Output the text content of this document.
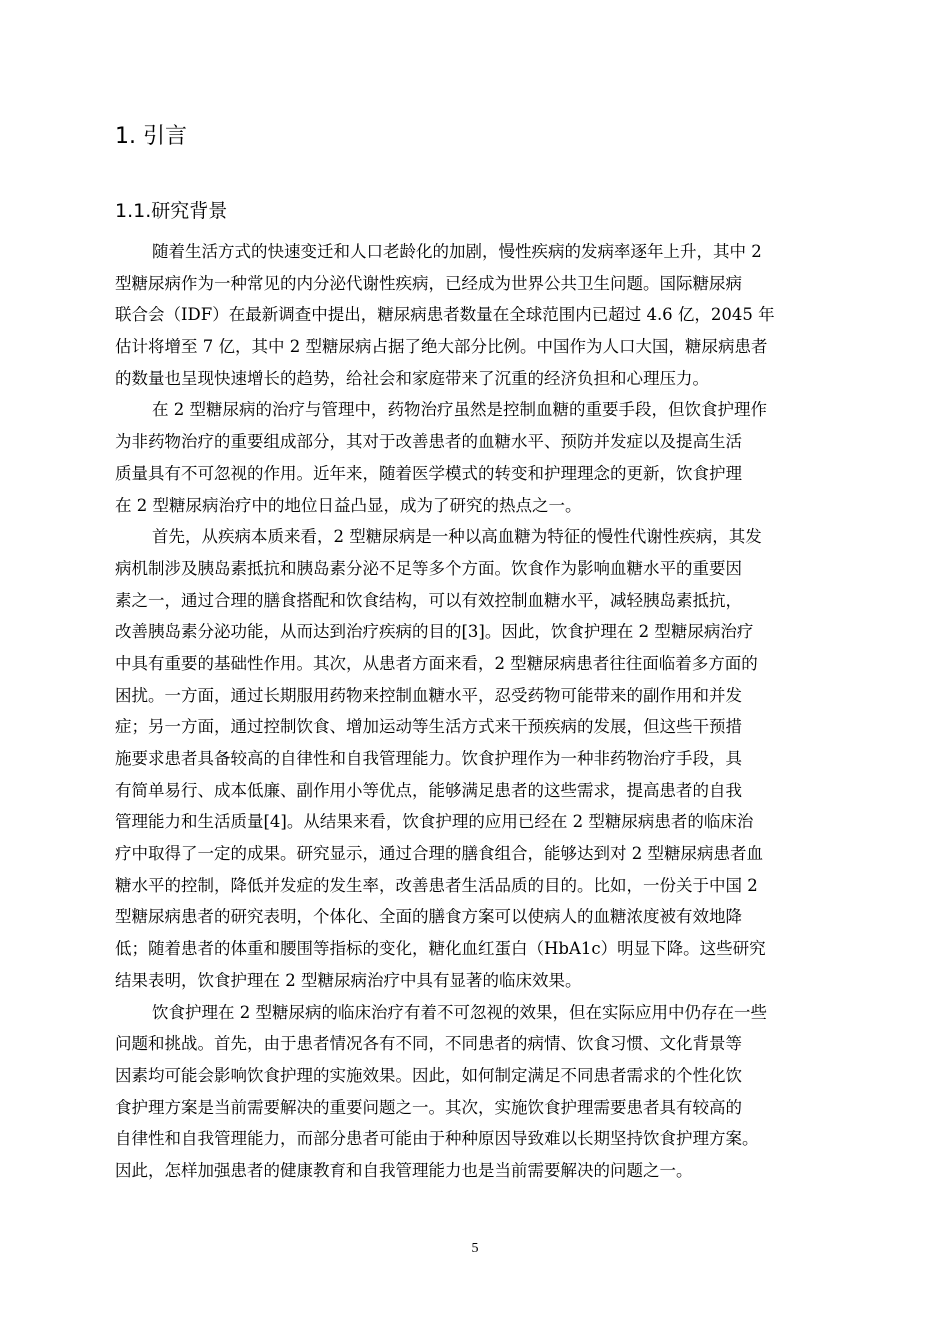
1. 引言
1.1.研究背景
随着生活方式的快速变迁和人口老龄化的加剧，慢性疾病的发病率逐年上升，其中 2
型糖尿病作为一种常见的内分泌代谢性疾病，已经成为世界公共卫生问题。国际糖尿病
联合会（IDF）在最新调查中提出，糖尿病患者数量在全球范围内已超过 4.6 亿，2045 年
估计将增至 7 亿，其中 2 型糖尿病占据了绝大部分比例。中国作为人口大国，糖尿病患者
的数量也呈现快速增长的趋势，给社会和家庭带来了沉重的经济负担和心理压力。
在 2 型糖尿病的治疗与管理中，药物治疗虽然是控制血糖的重要手段，但饮食护理作
为非药物治疗的重要组成部分，其对于改善患者的血糖水平、预防并发症以及提高生活
质量具有不可忽视的作用。近年来，随着医学模式的转变和护理理念的更新，饮食护理
在 2 型糖尿病治疗中的地位日益凸显，成为了研究的热点之一。
首先，从疾病本质来看，2 型糖尿病是一种以高血糖为特征的慢性代谢性疾病，其发
病机制涉及胰岛素抵抗和胰岛素分泌不足等多个方面。饮食作为影响血糖水平的重要因
素之一，通过合理的膳食搭配和饮食结构，可以有效控制血糖水平，减轻胰岛素抵抗，
改善胰岛素分泌功能，从而达到治疗疾病的目的[3]。因此，饮食护理在 2 型糖尿病治疗
中具有重要的基础性作用。其次，从患者方面来看，2 型糖尿病患者往往面临着多方面的
困扰。一方面，通过长期服用药物来控制血糖水平，忍受药物可能带来的副作用和并发
症；另一方面，通过控制饮食、增加运动等生活方式来干预疾病的发展，但这些干预措
施要求患者具备较高的自律性和自我管理能力。饮食护理作为一种非药物治疗手段，具
有简单易行、成本低廉、副作用小等优点，能够满足患者的这些需求，提高患者的自我
管理能力和生活质量[4]。从结果来看，饮食护理的应用已经在 2 型糖尿病患者的临床治
疗中取得了一定的成果。研究显示，通过合理的膳食组合，能够达到对 2 型糖尿病患者血
糖水平的控制，降低并发症的发生率，改善患者生活品质的目的。比如，一份关于中国 2
型糖尿病患者的研究表明，个体化、全面的膳食方案可以使病人的血糖浓度被有效地降
低；随着患者的体重和腰围等指标的变化，糖化血红蛋白（HbA1c）明显下降。这些研究
结果表明，饮食护理在 2 型糖尿病治疗中具有显著的临床效果。
饮食护理在 2 型糖尿病的临床治疗有着不可忽视的效果，但在实际应用中仍存在一些
问题和挑战。首先，由于患者情况各有不同，不同患者的病情、饮食习惯、文化背景等
因素均可能会影响饮食护理的实施效果。因此，如何制定满足不同患者需求的个性化饮
食护理方案是当前需要解决的重要问题之一。其次，实施饮食护理需要患者具有较高的
自律性和自我管理能力，而部分患者可能由于种种原因导致难以长期坚持饮食护理方案。
因此，怎样加强患者的健康教育和自我管理能力也是当前需要解决的问题之一。
5
